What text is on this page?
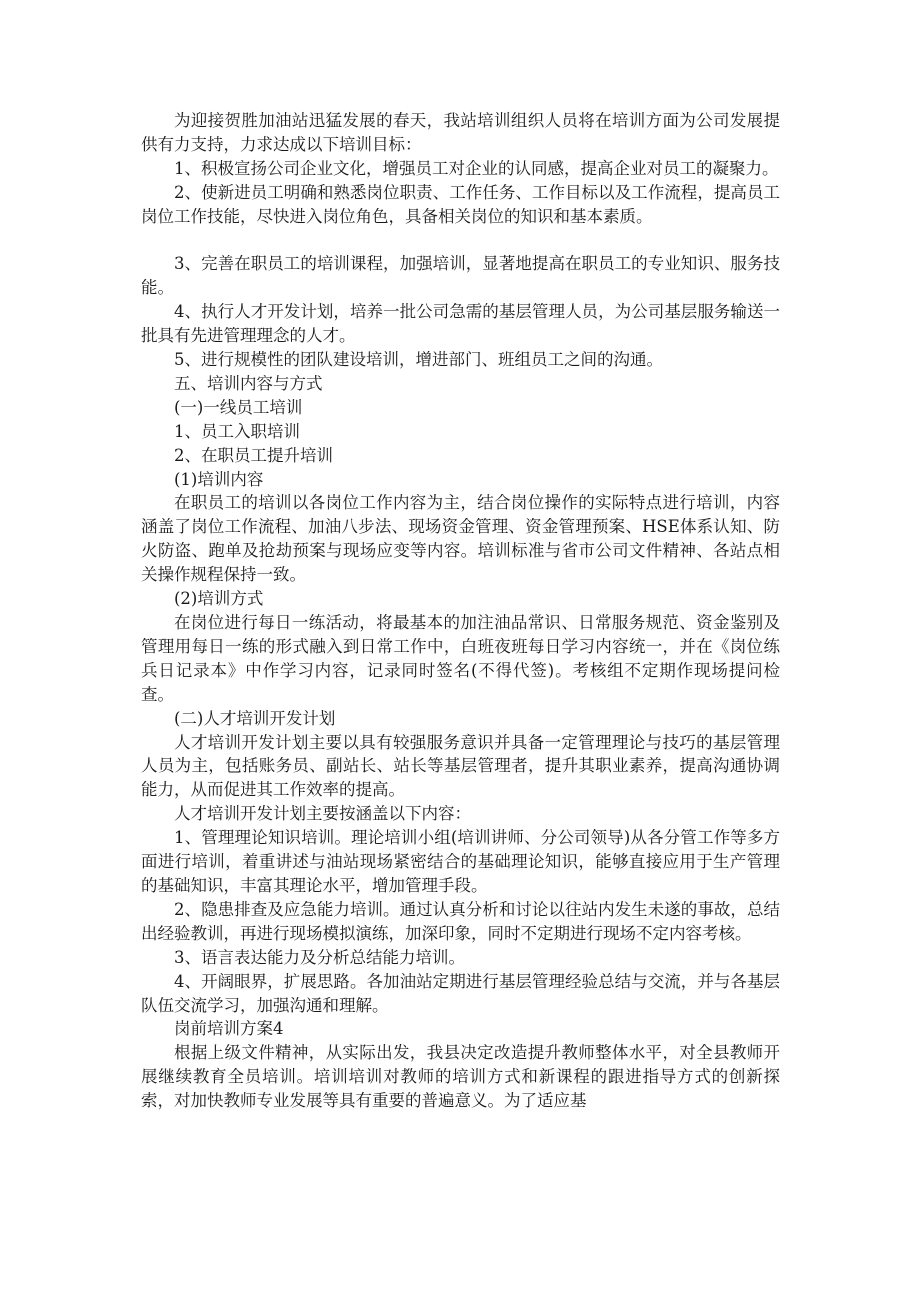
为迎接贺胜加油站迅猛发展的春天，我站培训组织人员将在培训方面为公司发展提供有力支持，力求达成以下培训目标：

1、积极宣扬公司企业文化，增强员工对企业的认同感，提高企业对员工的凝聚力。

2、使新进员工明确和熟悉岗位职责、工作任务、工作目标以及工作流程，提高员工岗位工作技能，尽快进入岗位角色，具备相关岗位的知识和基本素质。

3、完善在职员工的培训课程，加强培训，显著地提高在职员工的专业知识、服务技能。

4、执行人才开发计划，培养一批公司急需的基层管理人员，为公司基层服务输送一批具有先进管理理念的人才。

5、进行规模性的团队建设培训，增进部门、班组员工之间的沟通。

五、培训内容与方式

(一)一线员工培训

1、员工入职培训

2、在职员工提升培训

(1)培训内容

在职员工的培训以各岗位工作内容为主，结合岗位操作的实际特点进行培训，内容涵盖了岗位工作流程、加油八步法、现场资金管理、资金管理预案、HSE体系认知、防火防盗、跑单及抢劫预案与现场应变等内容。培训标准与省市公司文件精神、各站点相关操作规程保持一致。

(2)培训方式

在岗位进行每日一练活动，将最基本的加注油品常识、日常服务规范、资金鉴别及管理用每日一练的形式融入到日常工作中，白班夜班每日学习内容统一，并在《岗位练兵日记录本》中作学习内容，记录同时签名(不得代签)。考核组不定期作现场提问检查。

(二)人才培训开发计划

人才培训开发计划主要以具有较强服务意识并具备一定管理理论与技巧的基层管理人员为主，包括账务员、副站长、站长等基层管理者，提升其职业素养，提高沟通协调能力，从而促进其工作效率的提高。

人才培训开发计划主要按涵盖以下内容：

1、管理理论知识培训。理论培训小组(培训讲师、分公司领导)从各分管工作等多方面进行培训，着重讲述与油站现场紧密结合的基础理论知识，能够直接应用于生产管理的基础知识，丰富其理论水平，增加管理手段。

2、隐患排查及应急能力培训。通过认真分析和讨论以往站内发生未遂的事故，总结出经验教训，再进行现场模拟演练，加深印象，同时不定期进行现场不定内容考核。

3、语言表达能力及分析总结能力培训。

4、开阔眼界，扩展思路。各加油站定期进行基层管理经验总结与交流，并与各基层队伍交流学习，加强沟通和理解。

岗前培训方案4

根据上级文件精神，从实际出发，我县决定改造提升教师整体水平，对全县教师开展继续教育全员培训。培训培训对教师的培训方式和新课程的跟进指导方式的创新探索，对加快教师专业发展等具有重要的普遍意义。为了适应基
